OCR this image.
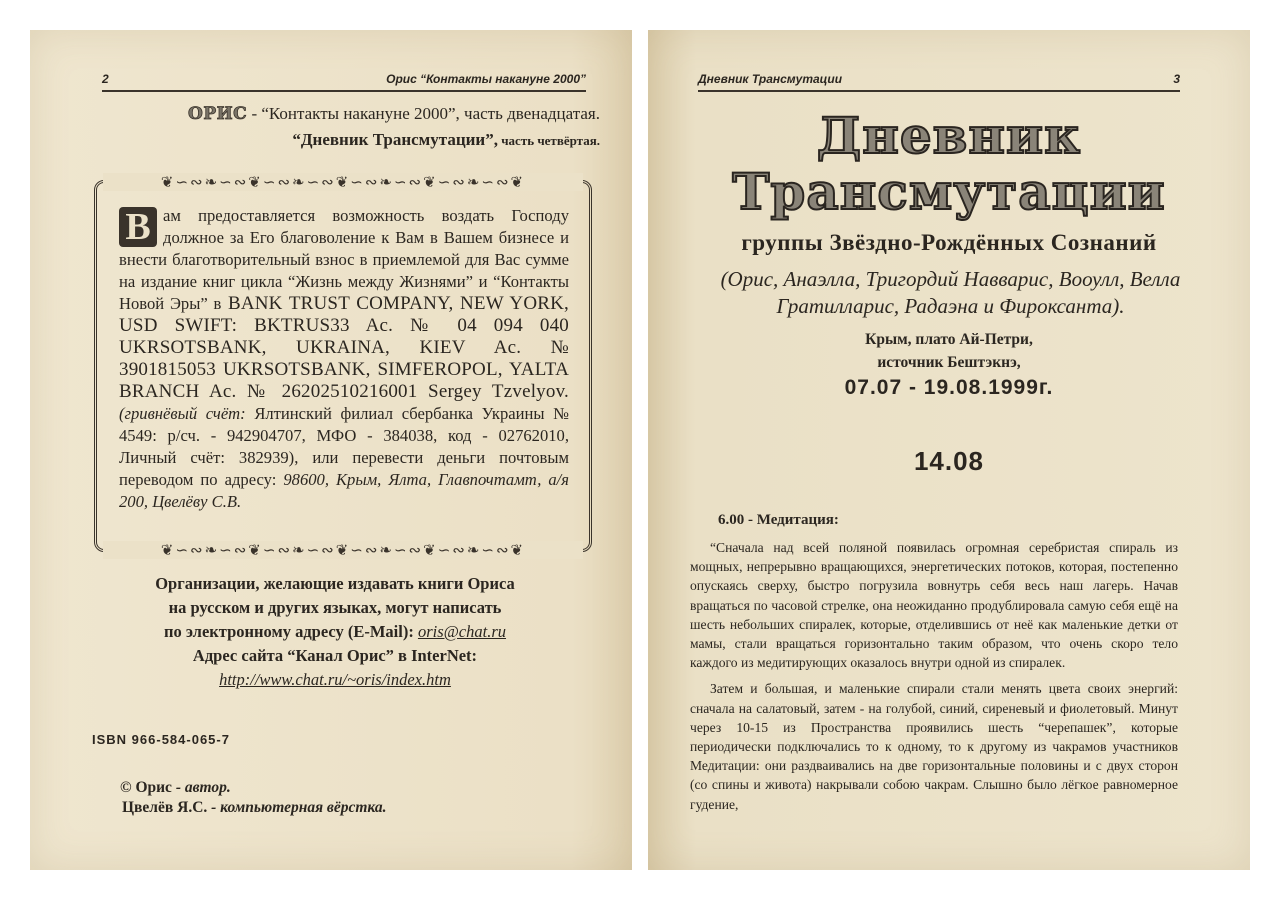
2	Орис “Контакты накануне 2000”
ОРИС - “Контакты накануне 2000”, часть двенадцатая.
“Дневник Трансмутации”, часть четвёртая.
❦∽∾❧∽∾❦∽∾❧∽∾❦∽∾❧∽∾❦∽∾❧∽∾❦
В ам предоставляется возможность воздать Господу должное за Его благоволение к Вам в Вашем бизнесе и внести благотворительный взнос в приемлемой для Вас сумме на издание книг цикла “Жизнь между Жизнями” и “Контакты Новой Эры” в BANK TRUST COMPANY, NEW YORK, USD SWIFT: BKTRUS33 Ac. № 04 094 040 UKRSOTSBANK, UKRAINA, KIEV Ac. № 3901815053 UKRSOTSBANK, SIMFEROPOL, YALTA BRANCH Ac. № 26202510216001 Sergey Tzvelyov. (гривнёвый счёт: Ялтинский филиал сбербанка Украины № 4549: р/сч. - 942904707, МФО - 384038, код - 02762010, Личный счёт: 382939), или перевести деньги почтовым переводом по адресу: 98600, Крым, Ялта, Главпочтамт, а/я 200, Цвелёву С.В.
❦∽∾❧∽∾❦∽∾❧∽∾❦∽∾❧∽∾❦∽∾❧∽∾❦
Организации, желающие издавать книги Ориса
на русском и других языках, могут написать
по электронному адресу (E-Mail): oris@chat.ru
Адрес сайта “Канал Орис” в InterNet:
http://www.chat.ru/~oris/index.htm
ISBN 966-584-065-7
© Орис - автор.
Цвелёв Я.С. - компьютерная вёрстка.
Дневник Трансмутации	3
Дневник
Трансмутации
группы Звёздно-Рождённых Сознаний
(Орис, Анаэлла, Тригордий Наввaрис, Вооулл, Велла Гратилларис, Радаэна и Фироксанта).
Крым, плато Ай-Петри,
источник Бештэкнэ,
07.07 - 19.08.1999г.
14.08
6.00 - Медитация:

“Сначала над всей поляной появилась огромная серебристая спираль из мощных, непрерывно вращающихся, энергетических потоков, которая, постепенно опускаясь сверху, быстро погрузила вовнутрь себя весь наш лагерь. Начав вращаться по часовой стрелке, она неожиданно продублировала самую себя ещё на шесть небольших спиралек, которые, отделившись от неё как маленькие детки от мамы, стали вращаться горизонтально таким образом, что очень скоро тело каждого из медитирующих оказалось внутри одной из спиралек.

Затем и большая, и маленькие спирали стали менять цвета своих энергий: сначала на салатовый, затем - на голубой, синий, сиреневый и фиолетовый. Минут через 10-15 из Пространства проявились шесть “черепашек”, которые периодически подключались то к одному, то к другому из чакрамов участников Медитации: они раздваивались на две горизонтальные половины и с двух сторон (со спины и живота) накрывали собою чакрам. Слышно было лёгкое равномерное гудение,
